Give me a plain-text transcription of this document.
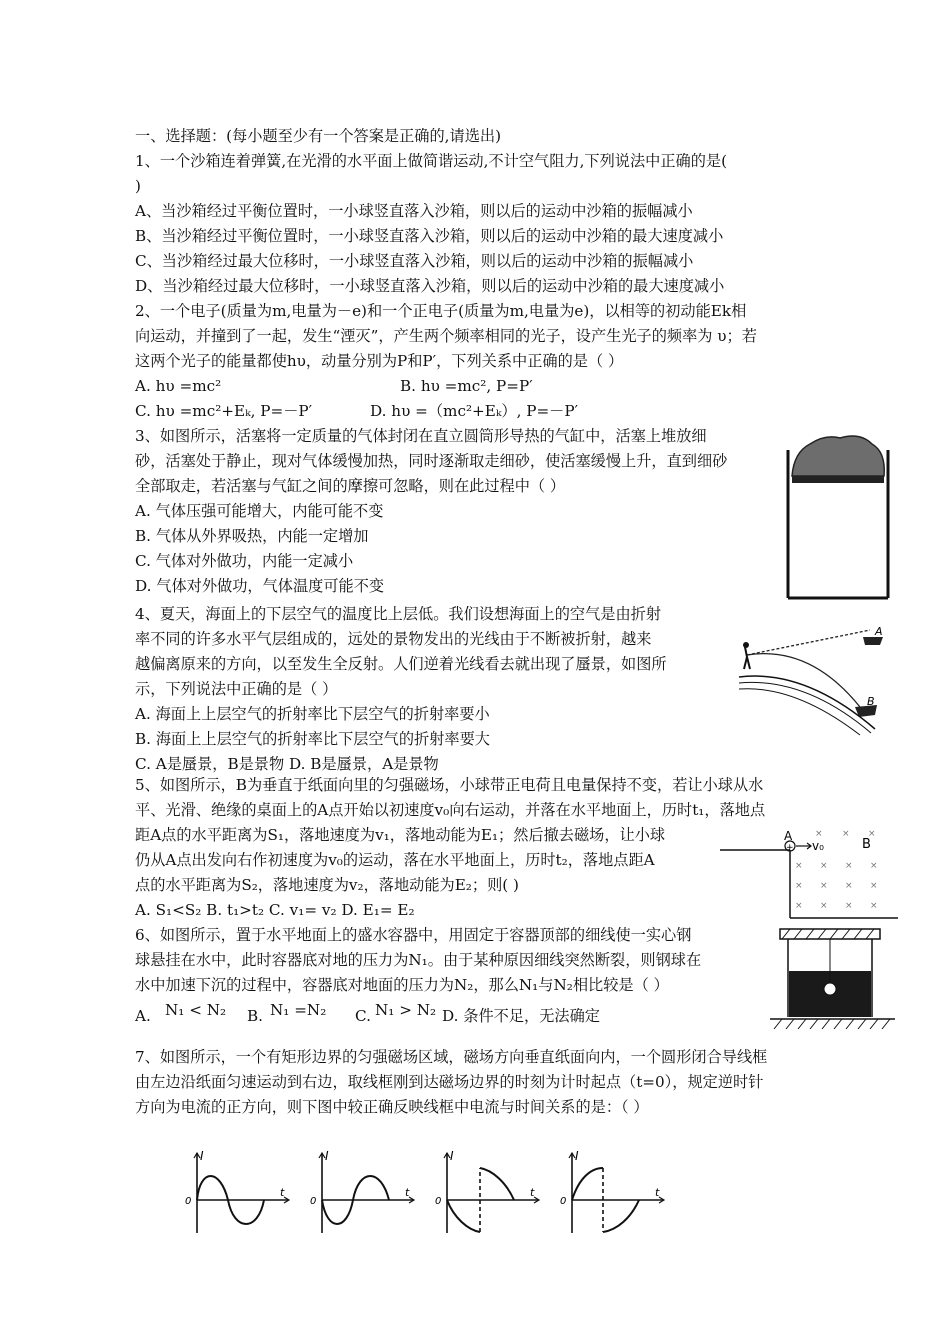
一、选择题：(每小题至少有一个答案是正确的,请选出)
1、一个沙箱连着弹簧,在光滑的水平面上做简谐运动,不计空气阻力,下列说法中正确的是(
)
A、当沙箱经过平衡位置时，一小球竖直落入沙箱，则以后的运动中沙箱的振幅减小
B、当沙箱经过平衡位置时，一小球竖直落入沙箱，则以后的运动中沙箱的最大速度减小
C、当沙箱经过最大位移时，一小球竖直落入沙箱，则以后的运动中沙箱的振幅减小
D、当沙箱经过最大位移时，一小球竖直落入沙箱，则以后的运动中沙箱的最大速度减小
2、一个电子(质量为m,电量为－e)和一个正电子(质量为m,电量为e)，以相等的初动能Ek相
向运动，并撞到了一起，发生“湮灭”，产生两个频率相同的光子，设产生光子的频率为 υ；若
这两个光子的能量都使hυ，动量分别为P和P′，下列关系中正确的是（ ）
A. hυ =mc²	B. hυ =mc², P=P′
C. hυ =mc²+Eₖ, P=－P′	D. hυ =（mc²+Eₖ）, P=－P′
3、如图所示，活塞将一定质量的气体封闭在直立圆筒形导热的气缸中，活塞上堆放细
砂，活塞处于静止，现对气体缓慢加热，同时逐渐取走细砂，使活塞缓慢上升，直到细砂
全部取走，若活塞与气缸之间的摩擦可忽略，则在此过程中（ ）
A. 气体压强可能增大，内能可能不变
B. 气体从外界吸热，内能一定增加
C. 气体对外做功，内能一定减小
D. 气体对外做功，气体温度可能不变
4、夏天，海面上的下层空气的温度比上层低。我们设想海面上的空气是由折射
率不同的许多水平气层组成的，远处的景物发出的光线由于不断被折射，越来
越偏离原来的方向，以至发生全反射。人们逆着光线看去就出现了蜃景，如图所
示，下列说法中正确的是（ ）
A. 海面上上层空气的折射率比下层空气的折射率要小
B. 海面上上层空气的折射率比下层空气的折射率要大
C. A是蜃景，B是景物 D. B是蜃景，A是景物
A
B
5、如图所示，B为垂直于纸面向里的匀强磁场，小球带正电荷且电量保持不变，若让小球从水
平、光滑、绝缘的桌面上的A点开始以初速度v₀向右运动，并落在水平地面上，历时t₁，落地点
距A点的水平距离为S₁，落地速度为v₁，落地动能为E₁；然后撤去磁场，让小球
仍从A点出发向右作初速度为v₀的运动，落在水平地面上，历时t₂，落地点距A
点的水平距离为S₂，落地速度为v₂，落地动能为E₂；则( )
A. S₁<S₂ B. t₁>t₂ C. v₁= v₂ D. E₁= E₂
+
A
v₀	B
× × ×
× × × ×
× × × ×
× × × ×
6、如图所示，置于水平地面上的盛水容器中，用固定于容器顶部的细线使一实心钢
球悬挂在水中，此时容器底对地的压力为N₁。由于某种原因细线突然断裂，则钢球在
水中加速下沉的过程中，容器底对地面的压力为N₂，那么N₁与N₂相比较是（ ）
A. N₁ < N₂ B. N₁ =N₂ C. N₁ > N₂ D. 条件不足，无法确定
7、如图所示，一个有矩形边界的匀强磁场区域，磁场方向垂直纸面向内，一个圆形闭合导线框
由左边沿纸面匀速运动到右边，取线框刚到达磁场边界的时刻为计时起点（t=0），规定逆时针
方向为电流的正方向，则下图中较正确反映线框中电流与时间关系的是：（ ）
I
t
0
I
t
0
I
t
0
I
t
0
